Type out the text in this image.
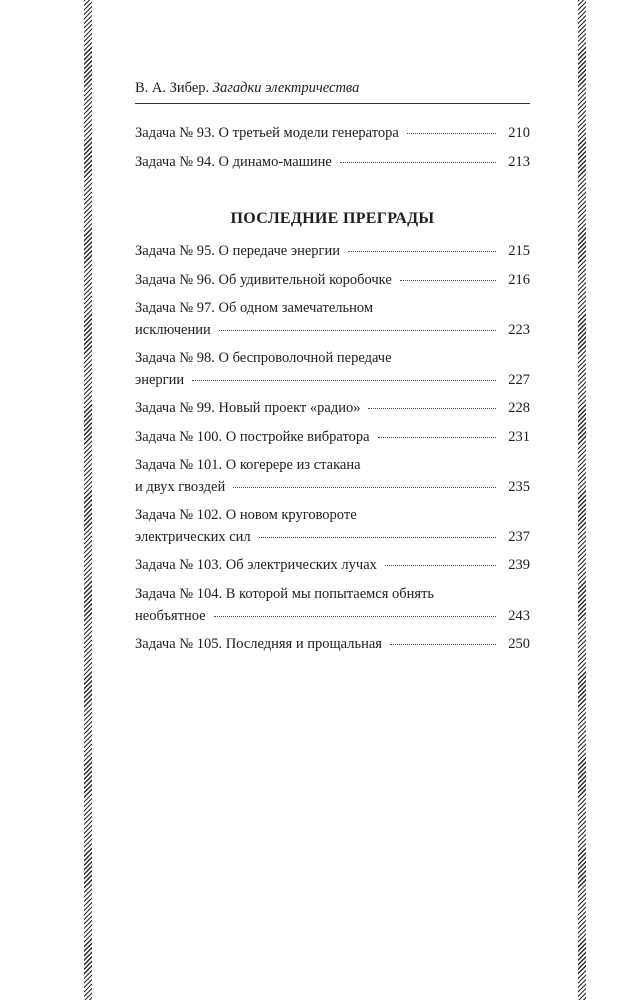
В. А. Зибер. Загадки электричества
Задача № 93. О третьей модели генератора	210
Задача № 94. О динамо-машине	213
ПОСЛЕДНИЕ ПРЕГРАДЫ
Задача № 95. О передаче энергии	215
Задача № 96. Об удивительной коробочке	216
Задача № 97. Об одном замечательном
исключении	223
Задача № 98. О беспроволочной передаче
энергии	227
Задача № 99. Новый проект «радио»	228
Задача № 100. О постройке вибратора	231
Задача № 101. О когерере из стакана
и двух гвоздей	235
Задача № 102. О новом круговороте
электрических сил	237
Задача № 103. Об электрических лучах	239
Задача № 104. В которой мы попытаемся обнять
необъятное	243
Задача № 105. Последняя и прощальная	250
